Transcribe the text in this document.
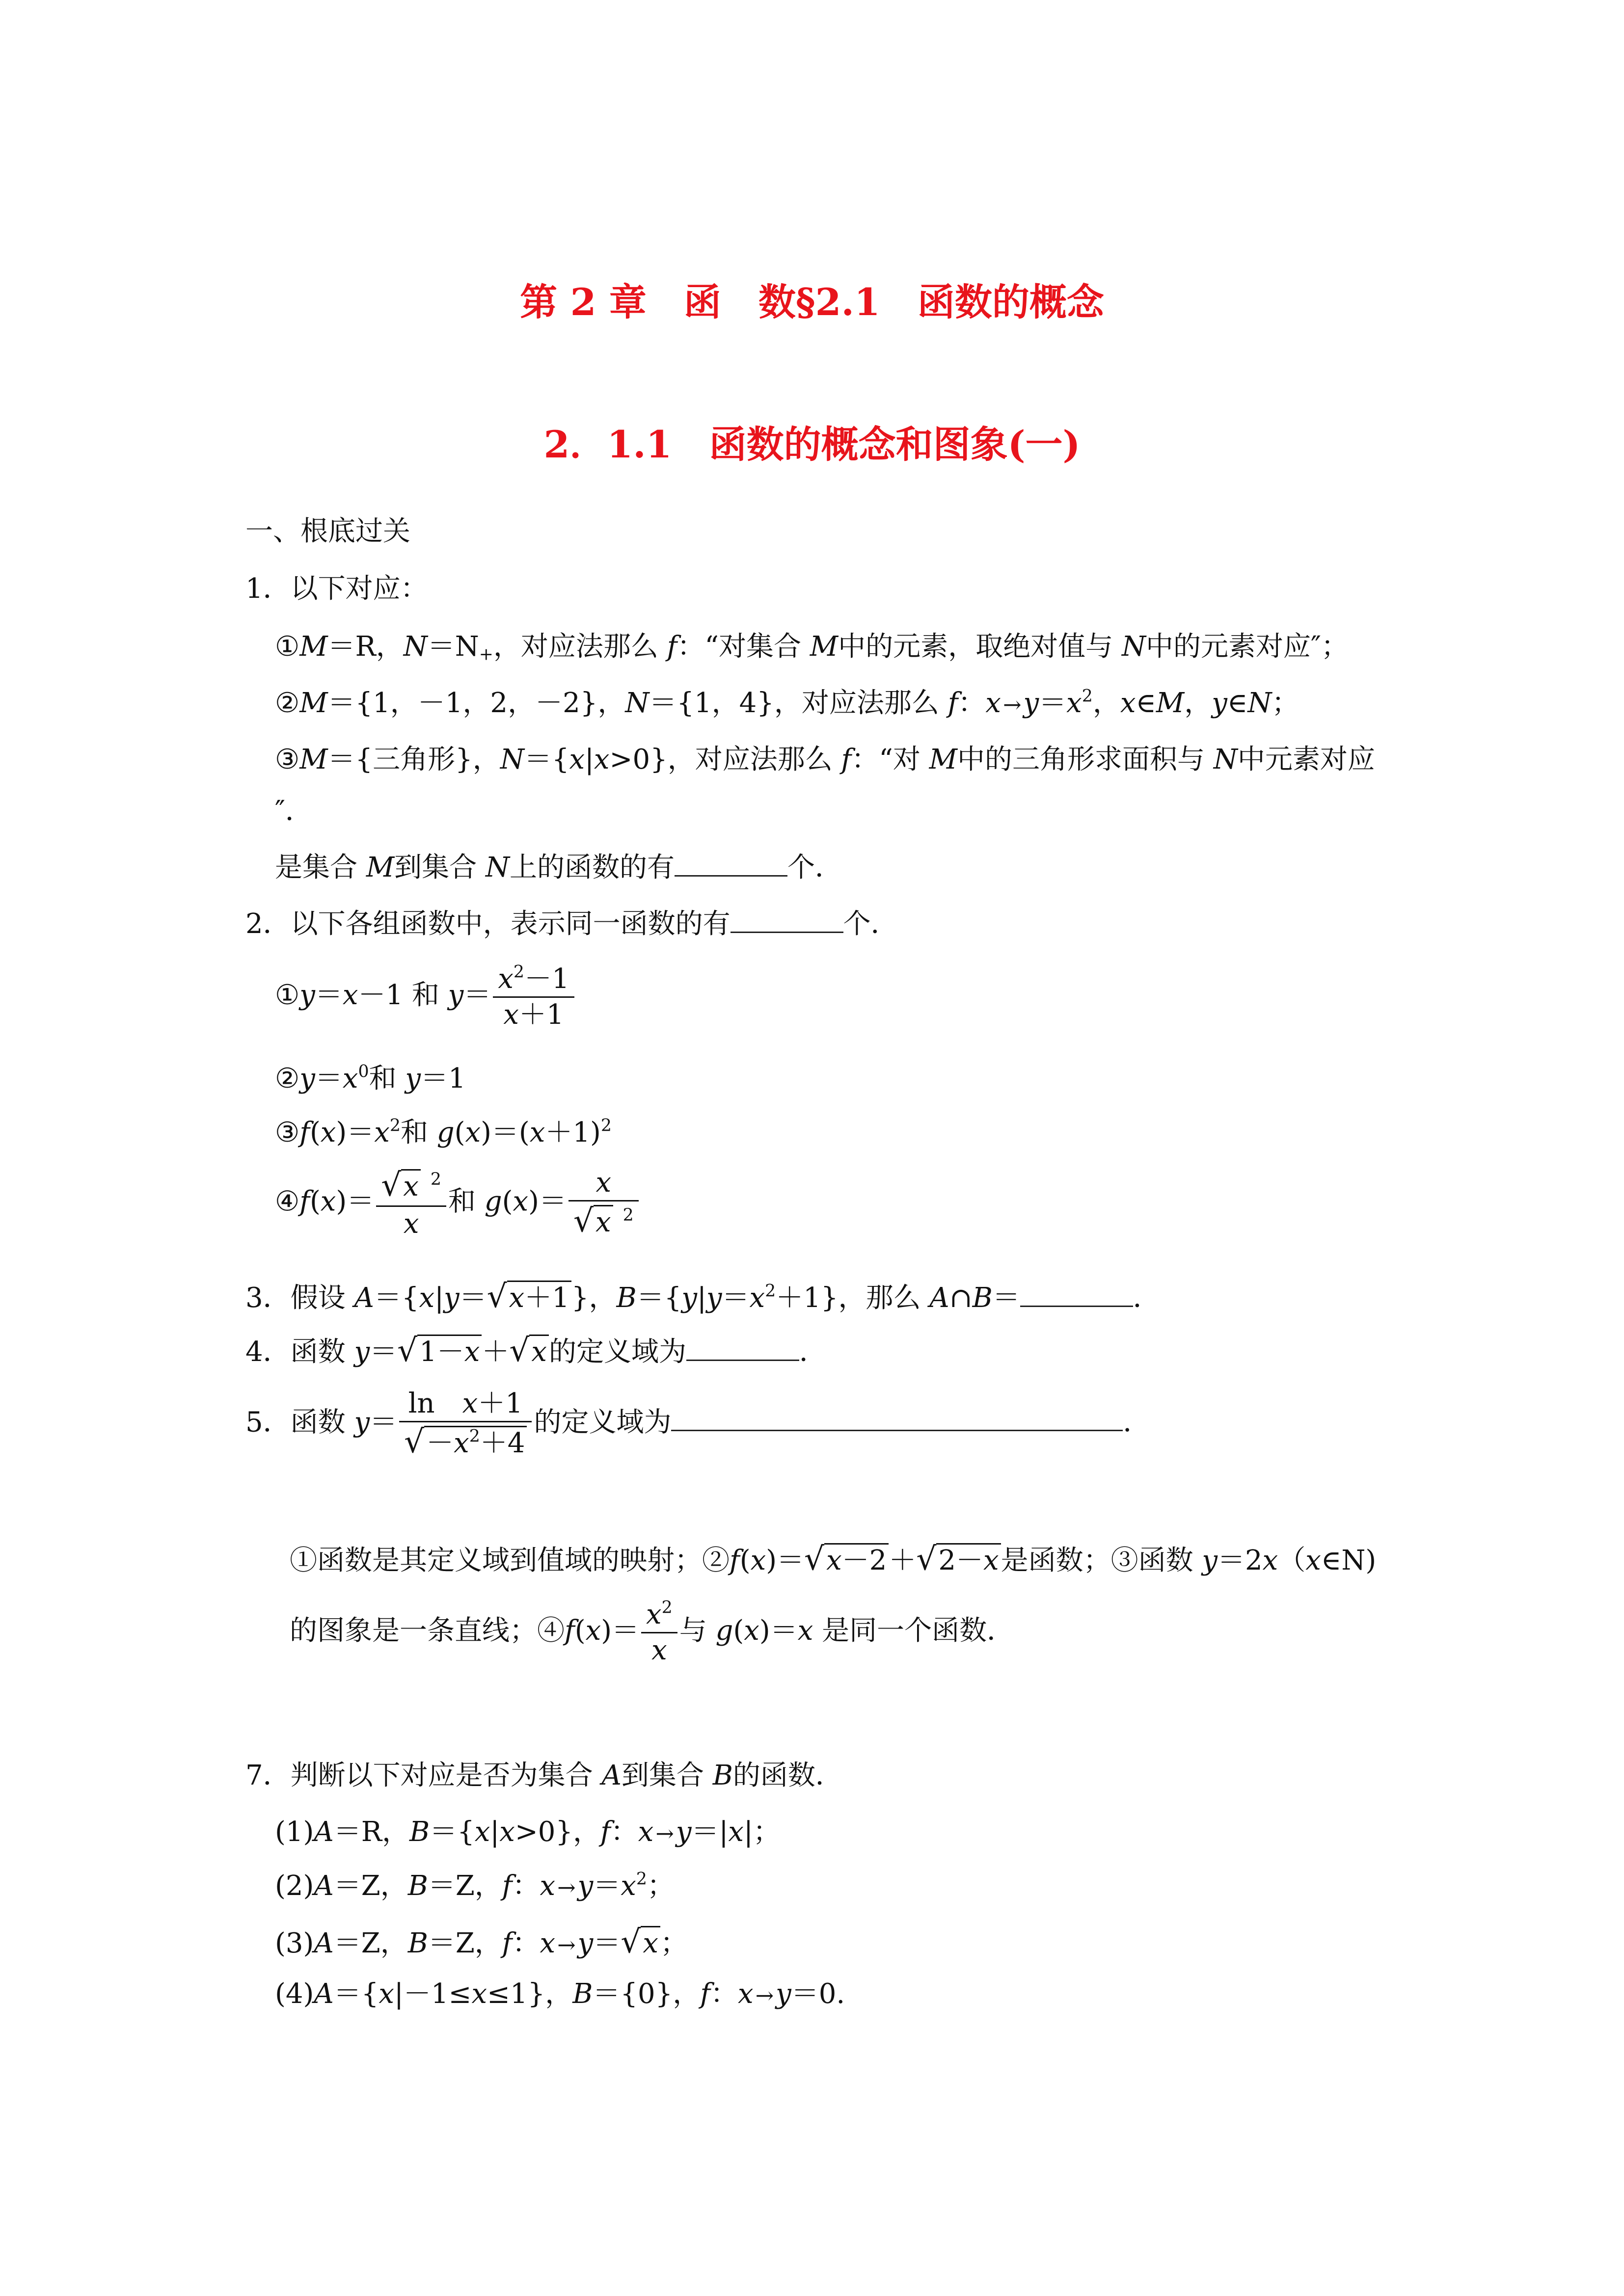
第 2 章　函　数§2.1　函数的概念
2．1.1　函数的概念和图象(一)
一、根底过关
1．以下对应：
①M＝R，$N=N_+$，对应法那么 f：“对集合 M中的元素，取绝对值与 N中的元素对应″；
②M＝{1，－1，2，－2}，N＝{1，4}，对应法那么 f：$x\to y=x^2$，x∈M，y∈N；
③M＝{三角形}，N＝{x|x>0}，对应法那么 f：“对 M中的三角形求面积与 N中元素对应
″．
是集合 M到集合 N上的函数的有	个．
2．以下各组函数中，表示同一函数的有	个．
①y＝x－1 和 $y= \frac{x^2-1}{x+1}$
$②y=x^0$和 y＝1
$③f(x)=x^2$和 $g(x)=(x+1)^2$
④f(x)＝ $\frac{√x ^2}{x}$ 和 $g(x)= \frac{x}{√x ^2}$
3．假设 A＝{x|y＝√x＋1}，$B=\{y|y=x^2+1\}$，那么 A∩B＝	．
4．函数 y＝√1－x＋√x的定义域为	．
5．函数 $y= \frac{\text{ln　x＋1}}{√-x^2+4}$ 的定义域为	．
①函数是其定义域到值域的映射；②f(x)＝√x－2＋√2－x是函数；③函数 y＝2x（x∈N)
的图象是一条直线；④f(x)＝ $\frac{x^2}{x}$ 与 g(x)＝x 是同一个函数．
7．判断以下对应是否为集合 A到集合 B的函数．
(1)A＝R，B＝{x|x>0}，f：x→y＝|x|；
(2)A＝Z，B＝Z，f：$x\to y=x^2$；
(3)A＝Z，B＝Z，f：x→y＝√x；
(4)A＝{x|－1≤x≤1}，B＝{0}，f：x→y＝0.
